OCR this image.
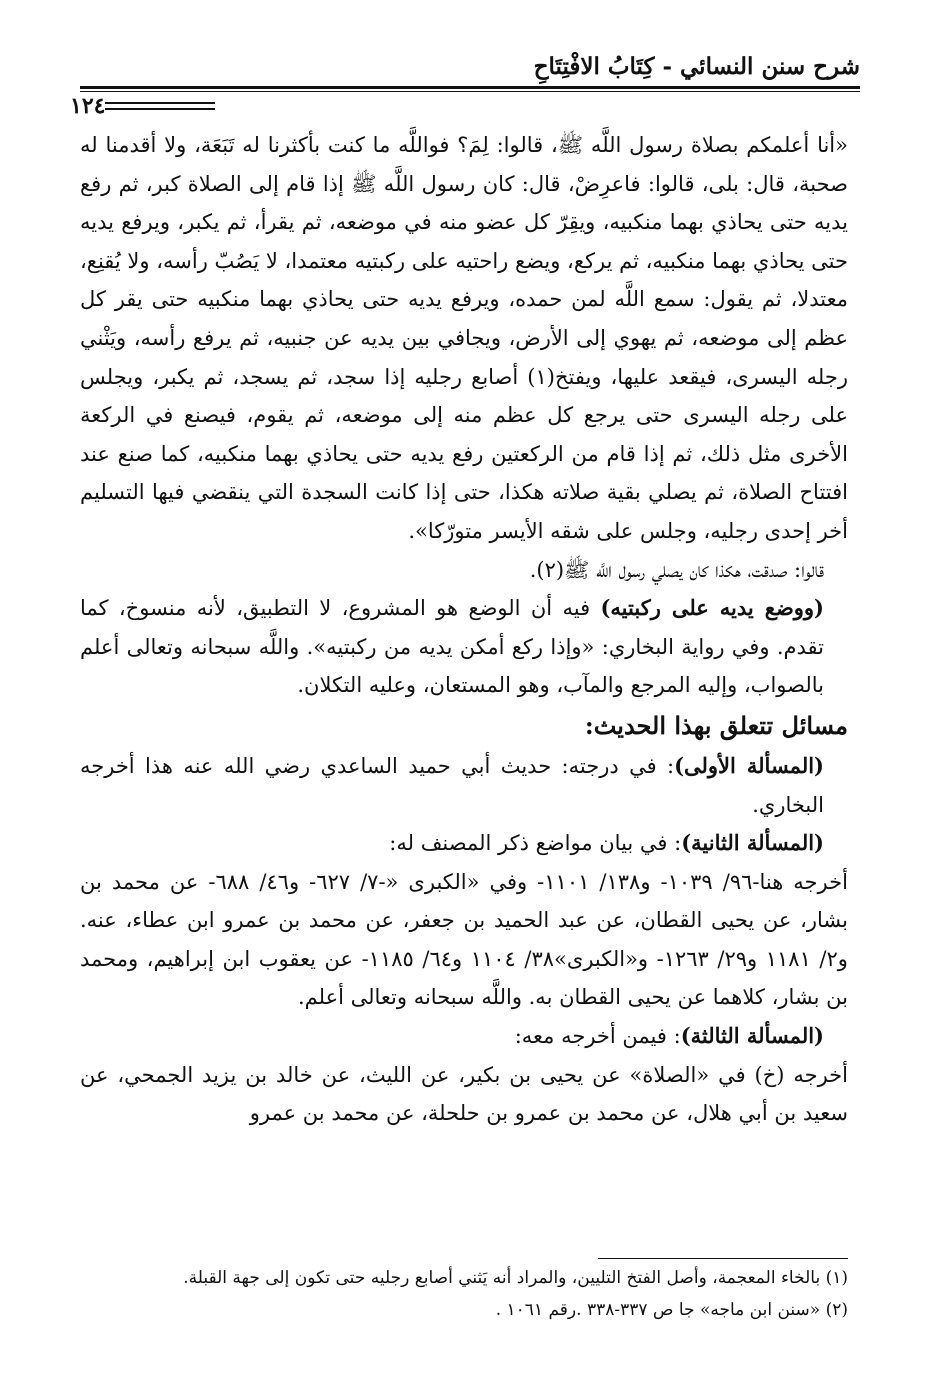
شرح سنن النسائي - كِتَابُ الافْتِتَاحِ
١٢٤

«أنا أعلمكم بصلاة رسول اللَّه ﷺ، قالوا: لِمَ؟ فواللَّه ما كنت بأكثرنا له تَبَعَة، ولا أقدمنا له صحبة، قال: بلى، قالوا: فاعرِضْ، قال: كان رسول اللَّه ﷺ إذا قام إلى الصلاة كبر، ثم رفع يديه حتى يحاذي بهما منكبيه، ويقِرّ كل عضو منه في موضعه، ثم يقرأ، ثم يكبر، ويرفع يديه حتى يحاذي بهما منكبيه، ثم يركع، ويضع راحتيه على ركبتيه معتمدا، لا يَصُبّ رأسه، ولا يُقنِع، معتدلا، ثم يقول: سمع اللَّه لمن حمده، ويرفع يديه حتى يحاذي بهما منكبيه حتى يقر كل عظم إلى موضعه، ثم يهوي إلى الأرض، ويجافي بين يديه عن جنبيه، ثم يرفع رأسه، ويَثْني رجله اليسرى، فيقعد عليها، ويفتخ(١) أصابع رجليه إذا سجد، ثم يسجد، ثم يكبر، ويجلس على رجله اليسرى حتى يرجع كل عظم منه إلى موضعه، ثم يقوم، فيصنع في الركعة الأخرى مثل ذلك، ثم إذا قام من الركعتين رفع يديه حتى يحاذي بهما منكبيه، كما صنع عند افتتاح الصلاة، ثم يصلي بقية صلاته هكذا، حتى إذا كانت السجدة التي ينقضي فيها التسليم أخر إحدى رجليه، وجلس على شقه الأيسر متورّكا».

قالوا: صدقت، هكذا كان يصلي رسول اللَّه ﷺ(٢).

(ووضع يديه على ركبتيه) فيه أن الوضع هو المشروع، لا التطبيق، لأنه منسوخ، كما تقدم. وفي رواية البخاري: «وإذا ركع أمكن يديه من ركبتيه». واللَّه سبحانه وتعالى أعلم بالصواب، وإليه المرجع والمآب، وهو المستعان، وعليه التكلان.

مسائل تتعلق بهذا الحديث:

(المسألة الأولى): في درجته: حديث أبي حميد الساعدي رضي الله عنه هذا أخرجه البخاري.

(المسألة الثانية): في بيان مواضع ذكر المصنف له:

أخرجه هنا-٩٦/ ١٠٣٩- و١٣٨/ ١١٠١- وفي «الكبرى «-٧/ ٦٢٧- و٤٦/ ٦٨٨- عن محمد بن بشار، عن يحيى القطان، عن عبد الحميد بن جعفر، عن محمد بن عمرو ابن عطاء، عنه. و٢/ ١١٨١ و٢٩/ ١٢٦٣- و«الكبرى»٣٨/ ١١٠٤ و٦٤/ ١١٨٥- عن يعقوب ابن إبراهيم، ومحمد بن بشار، كلاهما عن يحيى القطان به. واللَّه سبحانه وتعالى أعلم.

(المسألة الثالثة): فيمن أخرجه معه:

أخرجه (خ) في «الصلاة» عن يحيى بن بكير، عن الليث، عن خالد بن يزيد الجمحي، عن سعيد بن أبي هلال، عن محمد بن عمرو بن حلحلة، عن محمد بن عمرو

(١) بالخاء المعجمة، وأصل الفتخ التليين، والمراد أنه يَثني أصابع رجليه حتى تكون إلى جهة القبلة.

(٢) «سنن ابن ماجه» جا ص ٣٣٧-٣٣٨ .رقم ١٠٦١ .
